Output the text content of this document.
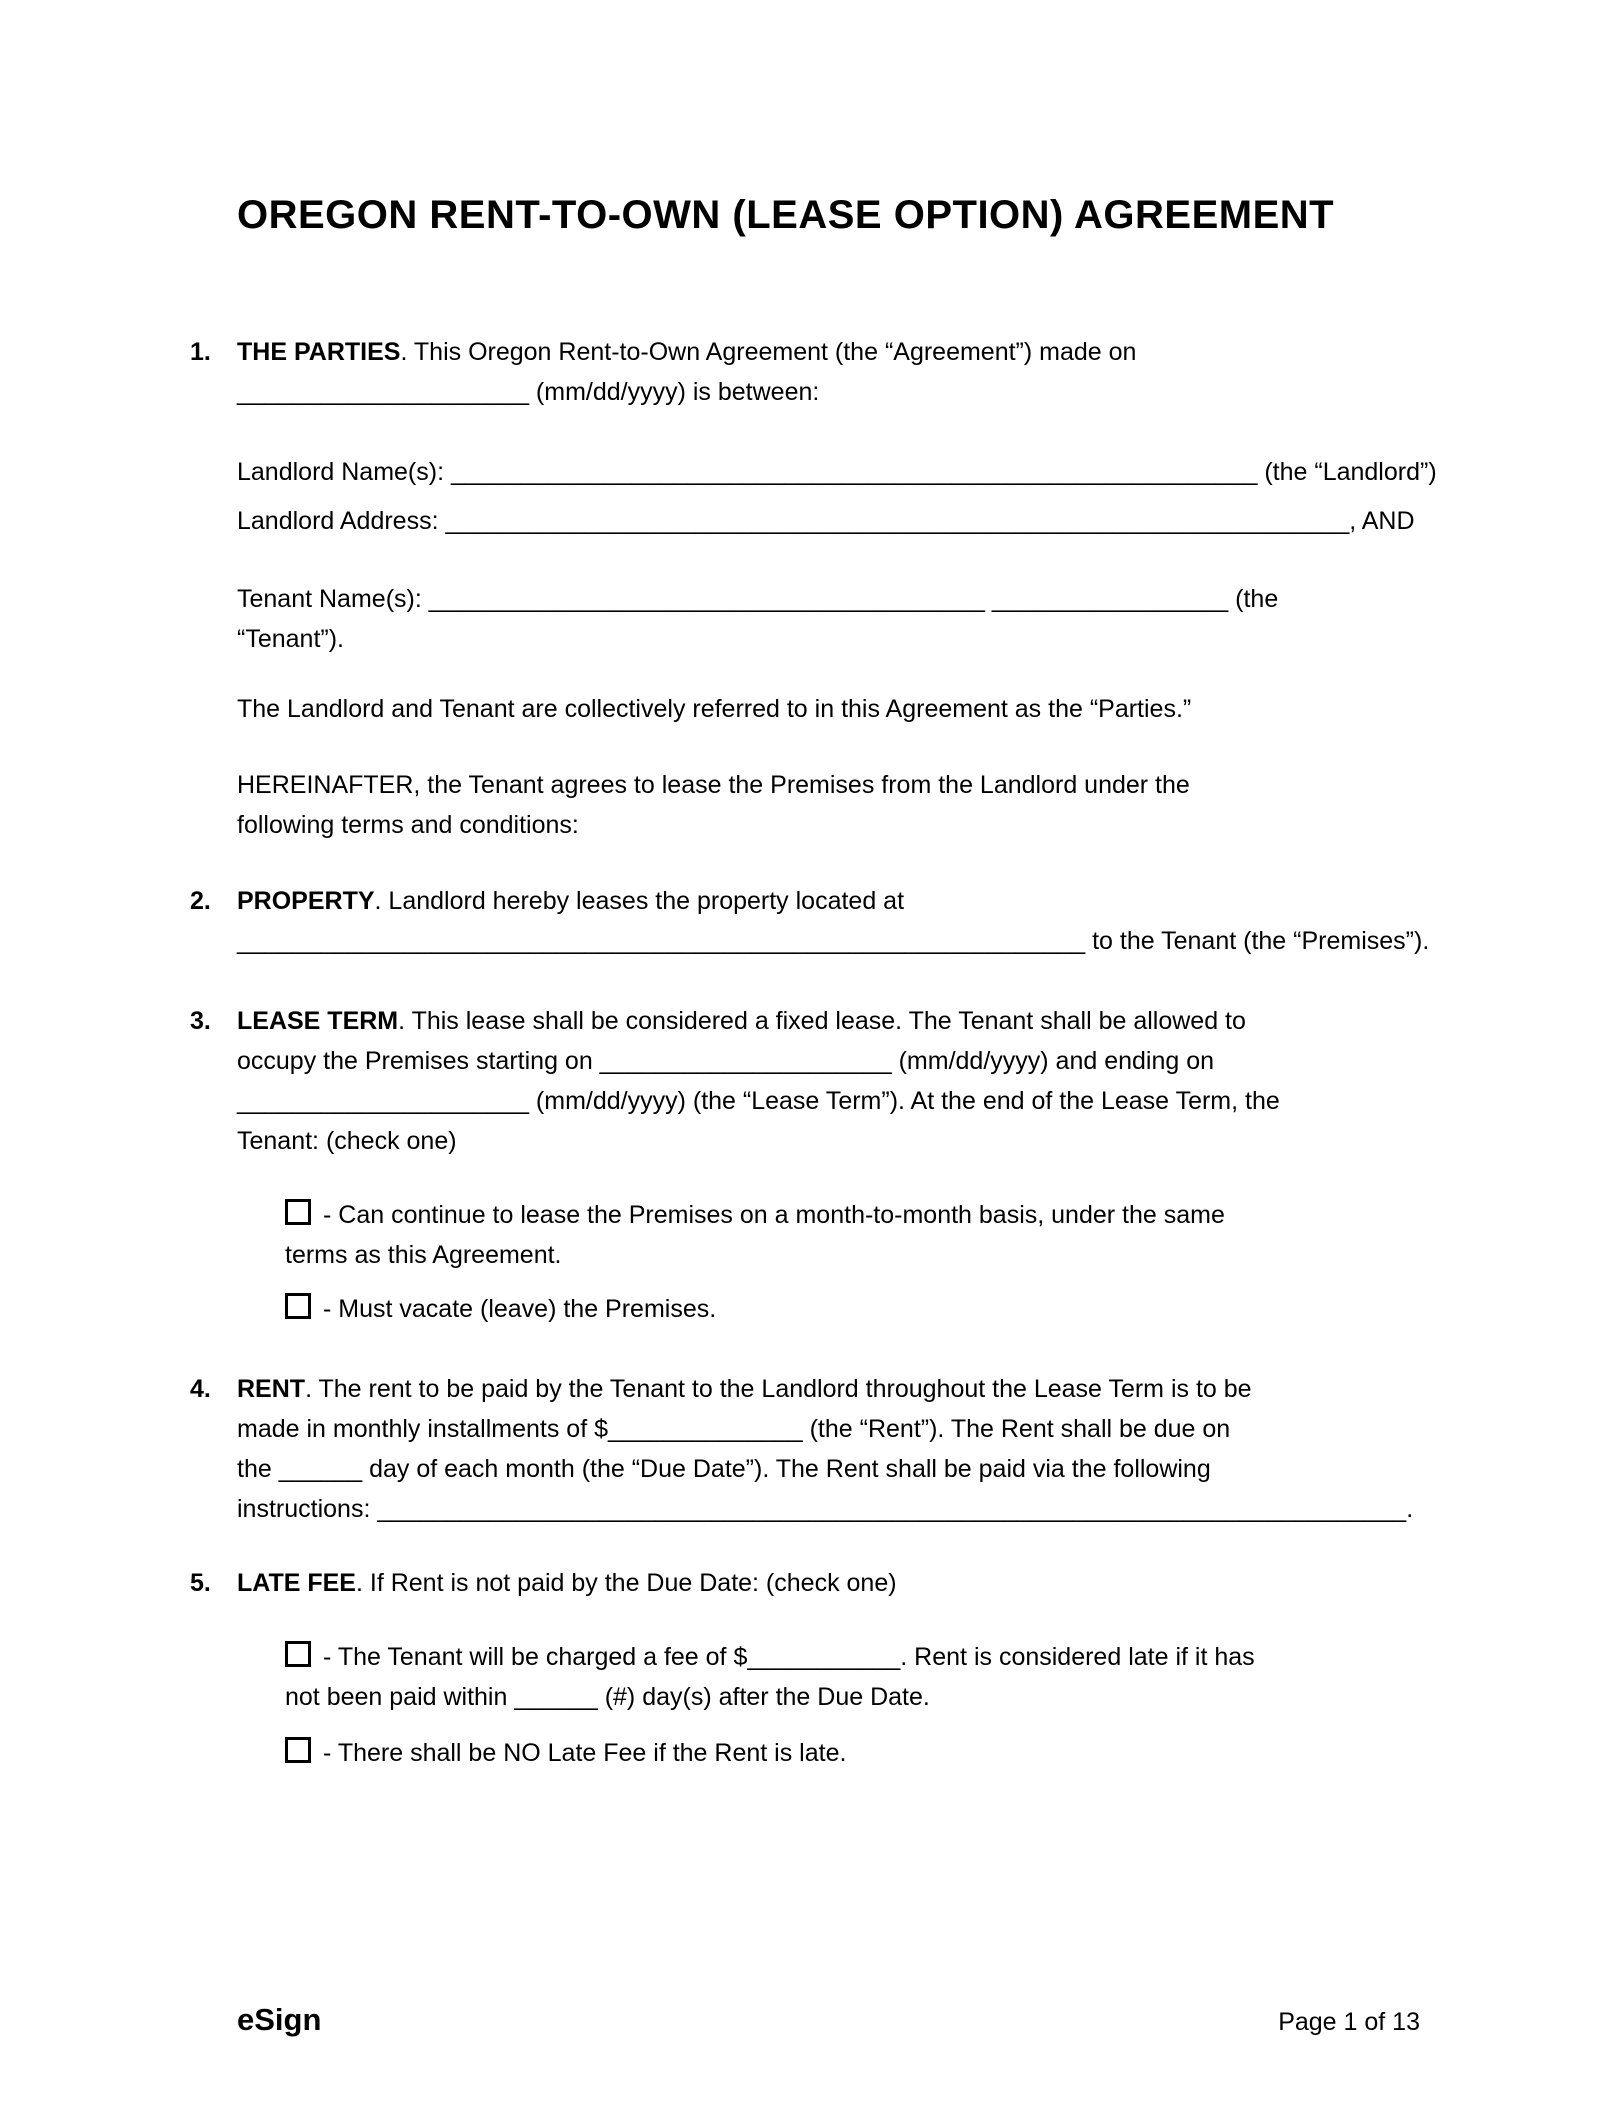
OREGON RENT-TO-OWN (LEASE OPTION) AGREEMENT
1. THE PARTIES. This Oregon Rent-to-Own Agreement (the “Agreement”) made on
_____________________ (mm/dd/yyyy) is between:
Landlord Name(s): __________________________________________________________ (the “Landlord”)
Landlord Address: _________________________________________________________________, AND
Tenant Name(s): ________________________________________ _________________ (the
“Tenant”).
The Landlord and Tenant are collectively referred to in this Agreement as the “Parties.”
HEREINAFTER, the Tenant agrees to lease the Premises from the Landlord under the
following terms and conditions:
2. PROPERTY. Landlord hereby leases the property located at
_____________________________________________________________ to the Tenant (the “Premises”).
3. LEASE TERM. This lease shall be considered a fixed lease. The Tenant shall be allowed to
occupy the Premises starting on _____________________ (mm/dd/yyyy) and ending on
_____________________ (mm/dd/yyyy) (the “Lease Term”). At the end of the Lease Term, the
Tenant: (check one)
- Can continue to lease the Premises on a month-to-month basis, under the same
terms as this Agreement.
- Must vacate (leave) the Premises.
4. RENT. The rent to be paid by the Tenant to the Landlord throughout the Lease Term is to be
made in monthly installments of $______________ (the “Rent”). The Rent shall be due on
the ______ day of each month (the “Due Date”). The Rent shall be paid via the following
instructions: __________________________________________________________________________.
5. LATE FEE. If Rent is not paid by the Due Date: (check one)
- The Tenant will be charged a fee of $___________. Rent is considered late if it has
not been paid within ______ (#) day(s) after the Due Date.
- There shall be NO Late Fee if the Rent is late.
eSign	Page 1 of 13
